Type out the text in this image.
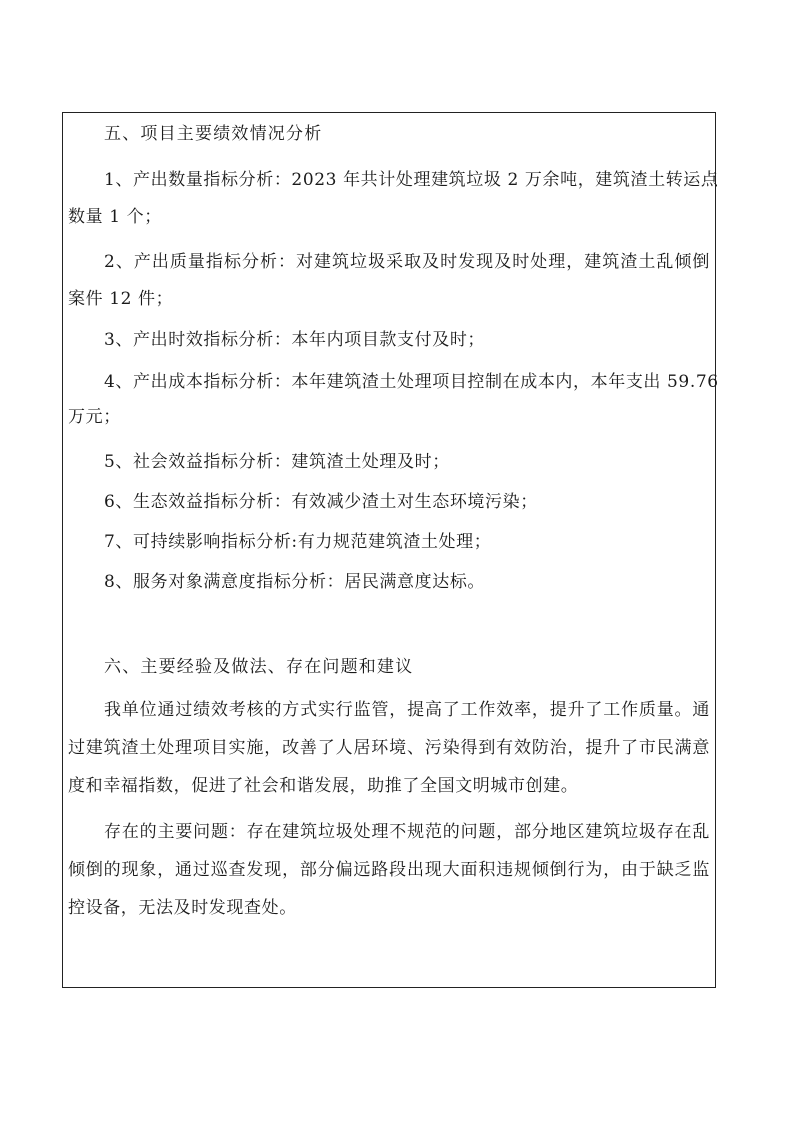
五、项目主要绩效情况分析
1、产出数量指标分析：2023 年共计处理建筑垃圾 2 万余吨，建筑渣土转运点
数量 1 个；
2、产出质量指标分析：对建筑垃圾采取及时发现及时处理，建筑渣土乱倾倒
案件 12 件；
3、产出时效指标分析：本年内项目款支付及时；
4、产出成本指标分析：本年建筑渣土处理项目控制在成本内，本年支出 59.76
万元；
5、社会效益指标分析：建筑渣土处理及时；
6、生态效益指标分析：有效减少渣土对生态环境污染；
7、可持续影响指标分析:有力规范建筑渣土处理；
8、服务对象满意度指标分析：居民满意度达标。
六、主要经验及做法、存在问题和建议
我单位通过绩效考核的方式实行监管，提高了工作效率，提升了工作质量。通
过建筑渣土处理项目实施，改善了人居环境、污染得到有效防治，提升了市民满意
度和幸福指数，促进了社会和谐发展，助推了全国文明城市创建。
存在的主要问题：存在建筑垃圾处理不规范的问题，部分地区建筑垃圾存在乱
倾倒的现象，通过巡查发现，部分偏远路段出现大面积违规倾倒行为，由于缺乏监
控设备，无法及时发现查处。
